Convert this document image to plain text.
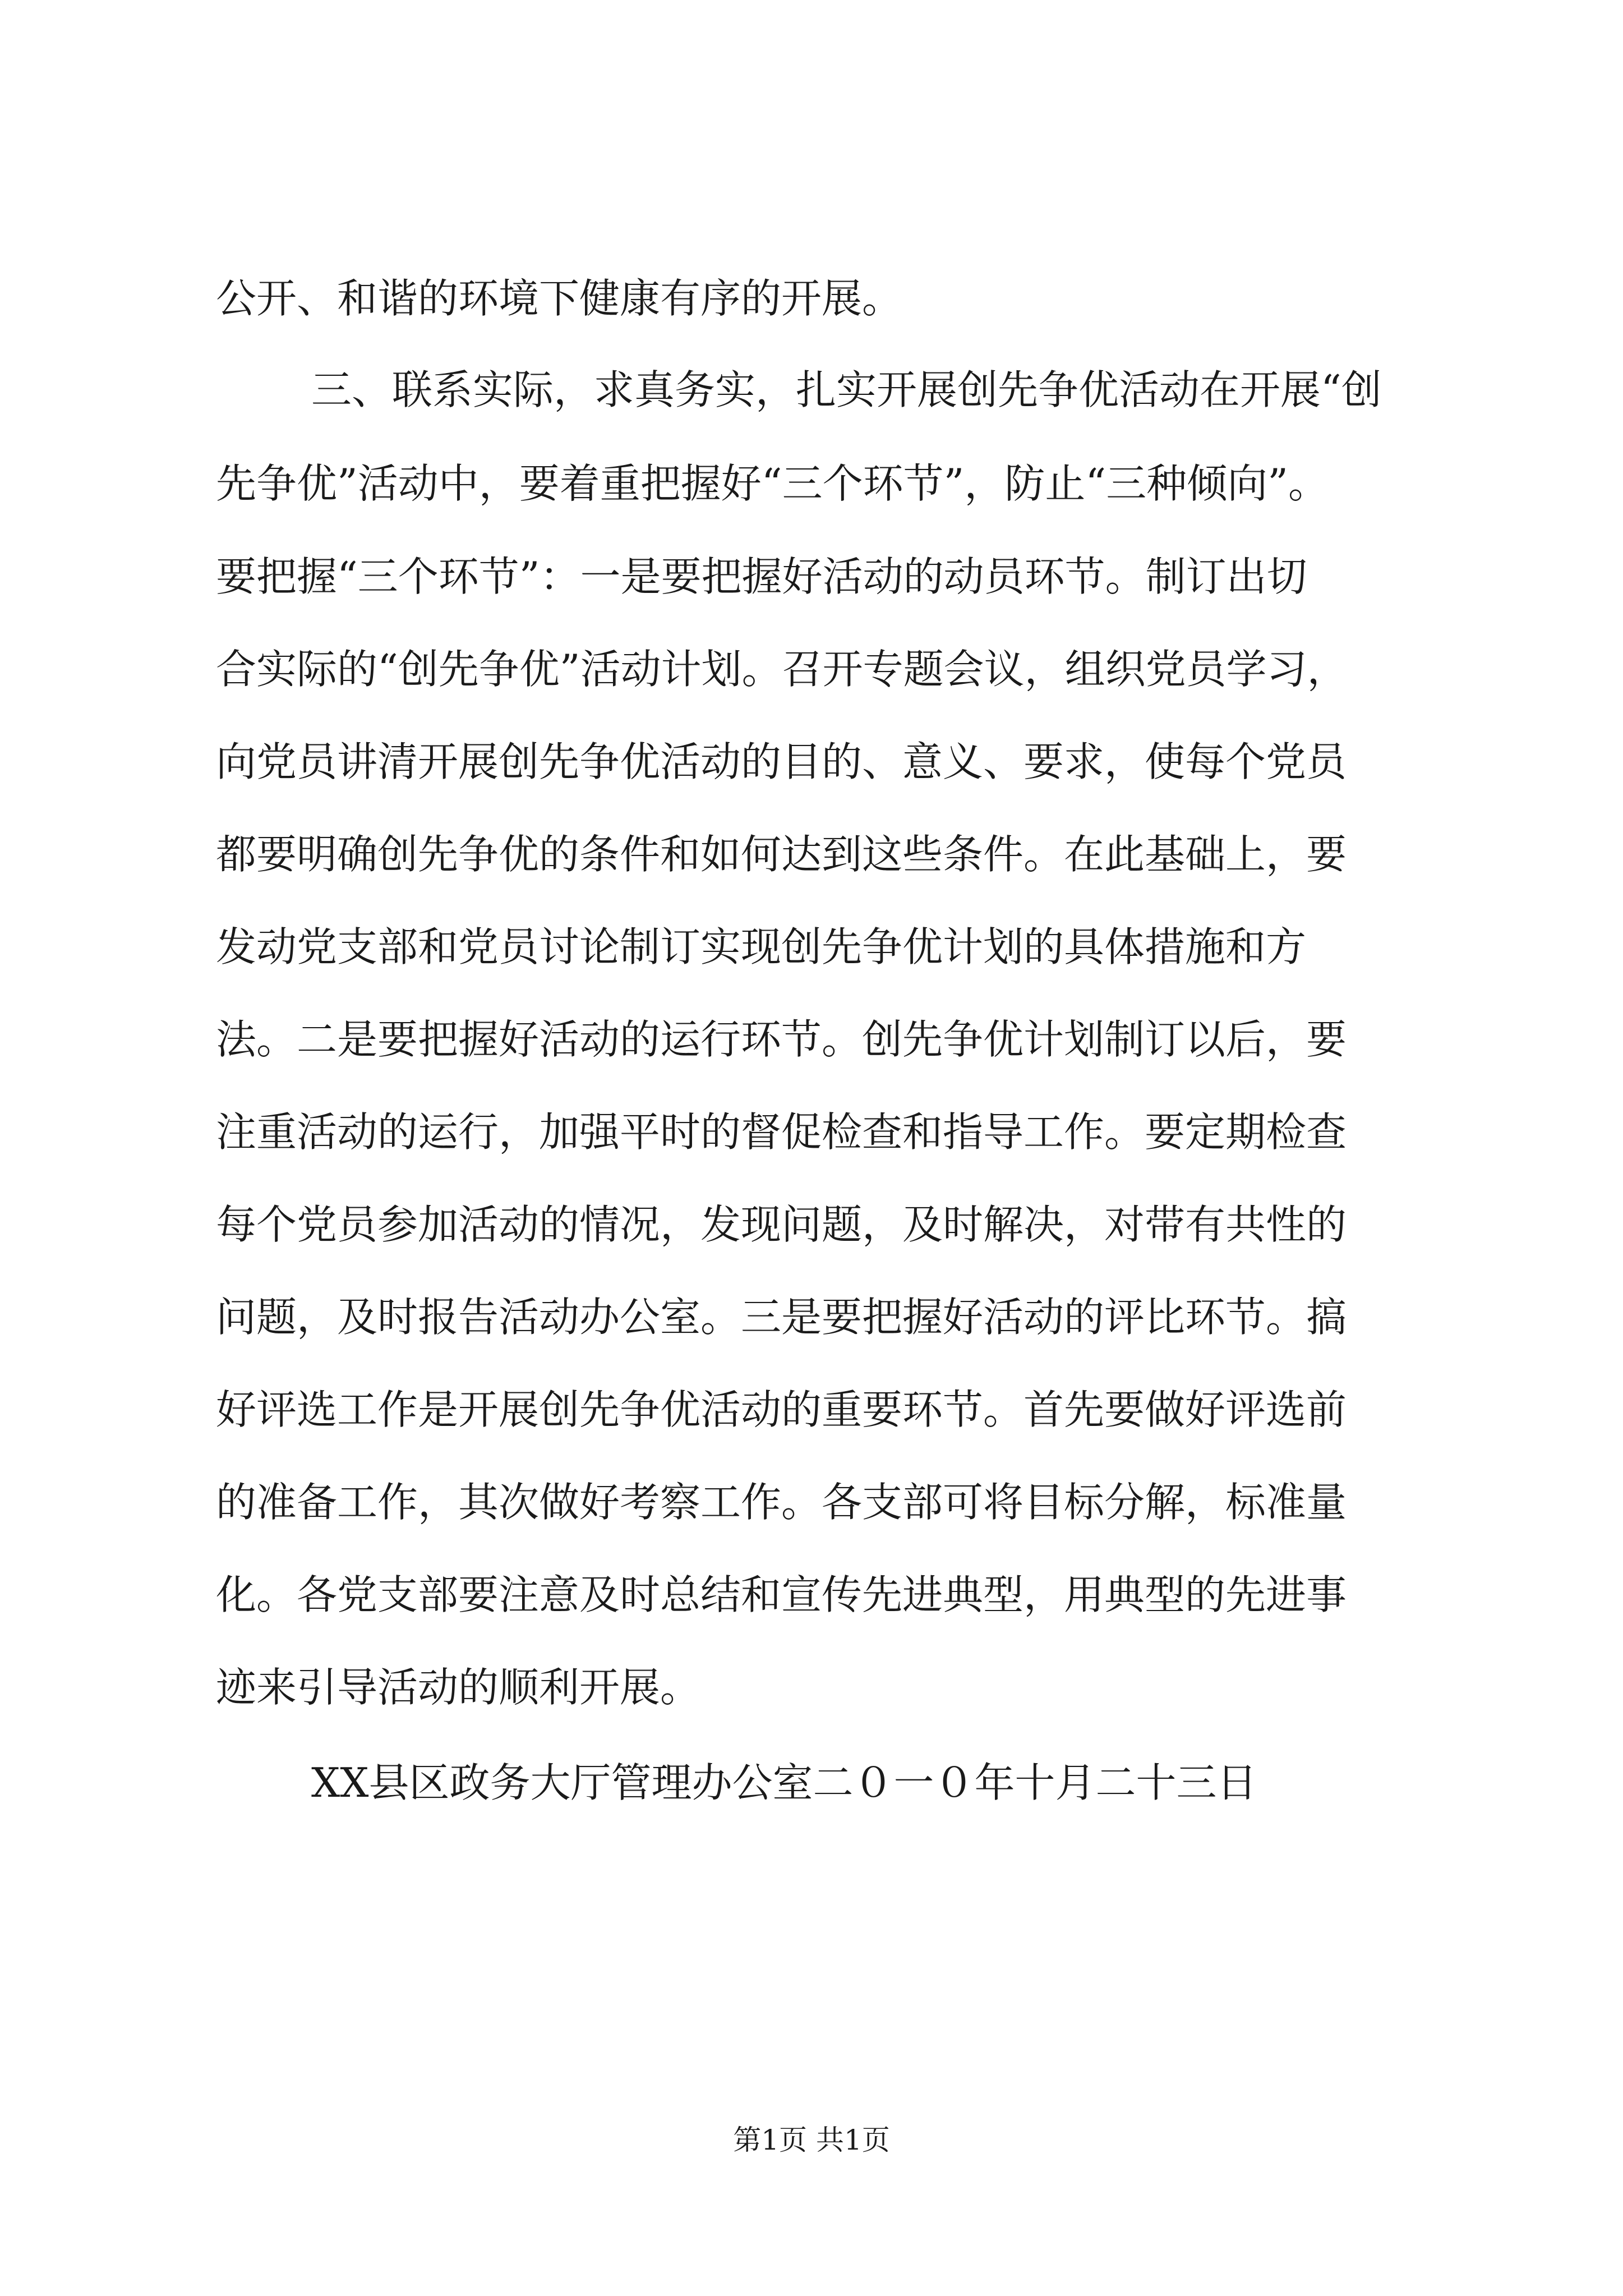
公开、和谐的环境下健康有序的开展。

三、联系实际，求真务实，扎实开展创先争优活动在开展“创

先争优”活动中，要着重把握好“三个环节”，防止“三种倾向”。

要把握“三个环节”：一是要把握好活动的动员环节。制订出切

合实际的“创先争优”活动计划。召开专题会议，组织党员学习，

向党员讲清开展创先争优活动的目的、意义、要求，使每个党员

都要明确创先争优的条件和如何达到这些条件。在此基础上，要

发动党支部和党员讨论制订实现创先争优计划的具体措施和方

法。二是要把握好活动的运行环节。创先争优计划制订以后，要

注重活动的运行，加强平时的督促检查和指导工作。要定期检查

每个党员参加活动的情况，发现问题，及时解决，对带有共性的

问题，及时报告活动办公室。三是要把握好活动的评比环节。搞

好评选工作是开展创先争优活动的重要环节。首先要做好评选前

的准备工作，其次做好考察工作。各支部可将目标分解，标准量

化。各党支部要注意及时总结和宣传先进典型，用典型的先进事

迹来引导活动的顺利开展。

XX县区政务大厅管理办公室二０一０年十月二十三日

第1页 共1页
